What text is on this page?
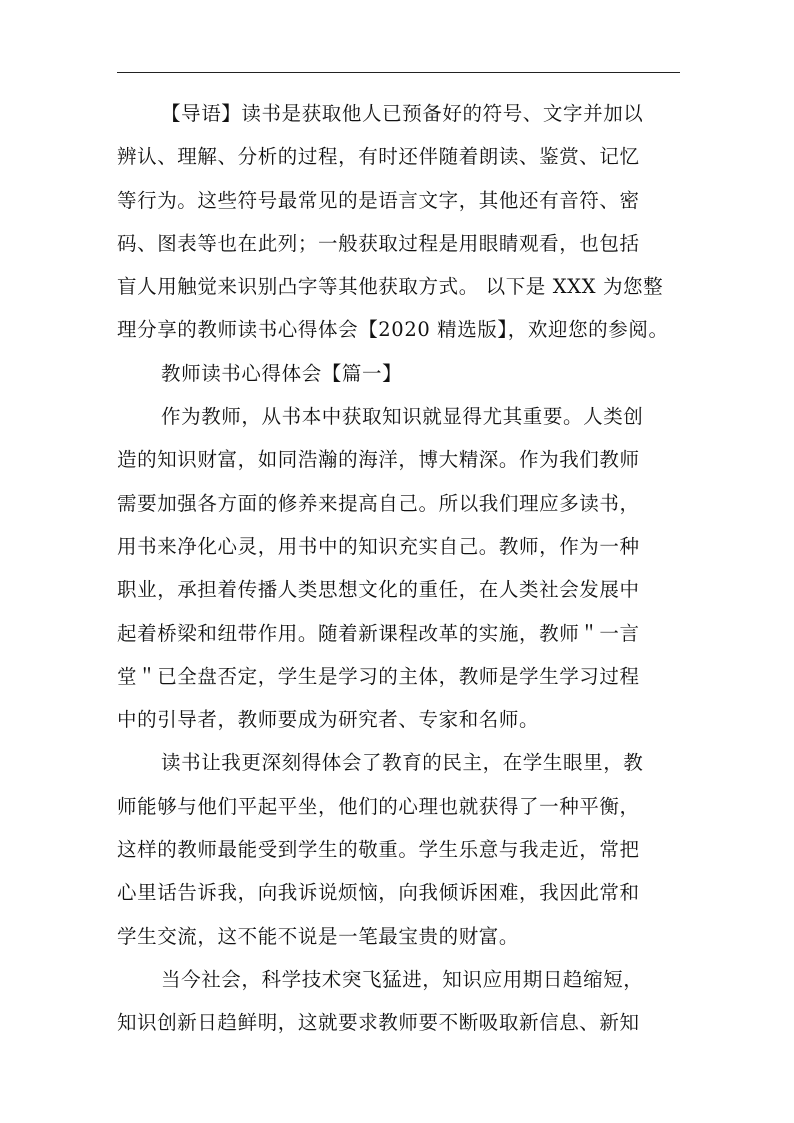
【导语】读书是获取他人已预备好的符号、文字并加以
辨认、理解、分析的过程，有时还伴随着朗读、鉴赏、记忆
等行为。这些符号最常见的是语言文字，其他还有音符、密
码、图表等也在此列；一般获取过程是用眼睛观看，也包括
盲人用触觉来识别凸字等其他获取方式。 以下是 XXX 为您整
理分享的教师读书心得体会【2020 精选版】，欢迎您的参阅。
教师读书心得体会【篇一】
作为教师，从书本中获取知识就显得尤其重要。人类创
造的知识财富，如同浩瀚的海洋，博大精深。作为我们教师
需要加强各方面的修养来提高自己。所以我们理应多读书，
用书来净化心灵，用书中的知识充实自己。教师，作为一种
职业，承担着传播人类思想文化的重任，在人类社会发展中
起着桥梁和纽带作用。随着新课程改革的实施，教师＂一言
堂＂已全盘否定，学生是学习的主体，教师是学生学习过程
中的引导者，教师要成为研究者、专家和名师。
读书让我更深刻得体会了教育的民主，在学生眼里，教
师能够与他们平起平坐，他们的心理也就获得了一种平衡，
这样的教师最能受到学生的敬重。学生乐意与我走近，常把
心里话告诉我，向我诉说烦恼，向我倾诉困难，我因此常和
学生交流，这不能不说是一笔最宝贵的财富。
当今社会，科学技术突飞猛进，知识应用期日趋缩短，
知识创新日趋鲜明，这就要求教师要不断吸取新信息、新知
